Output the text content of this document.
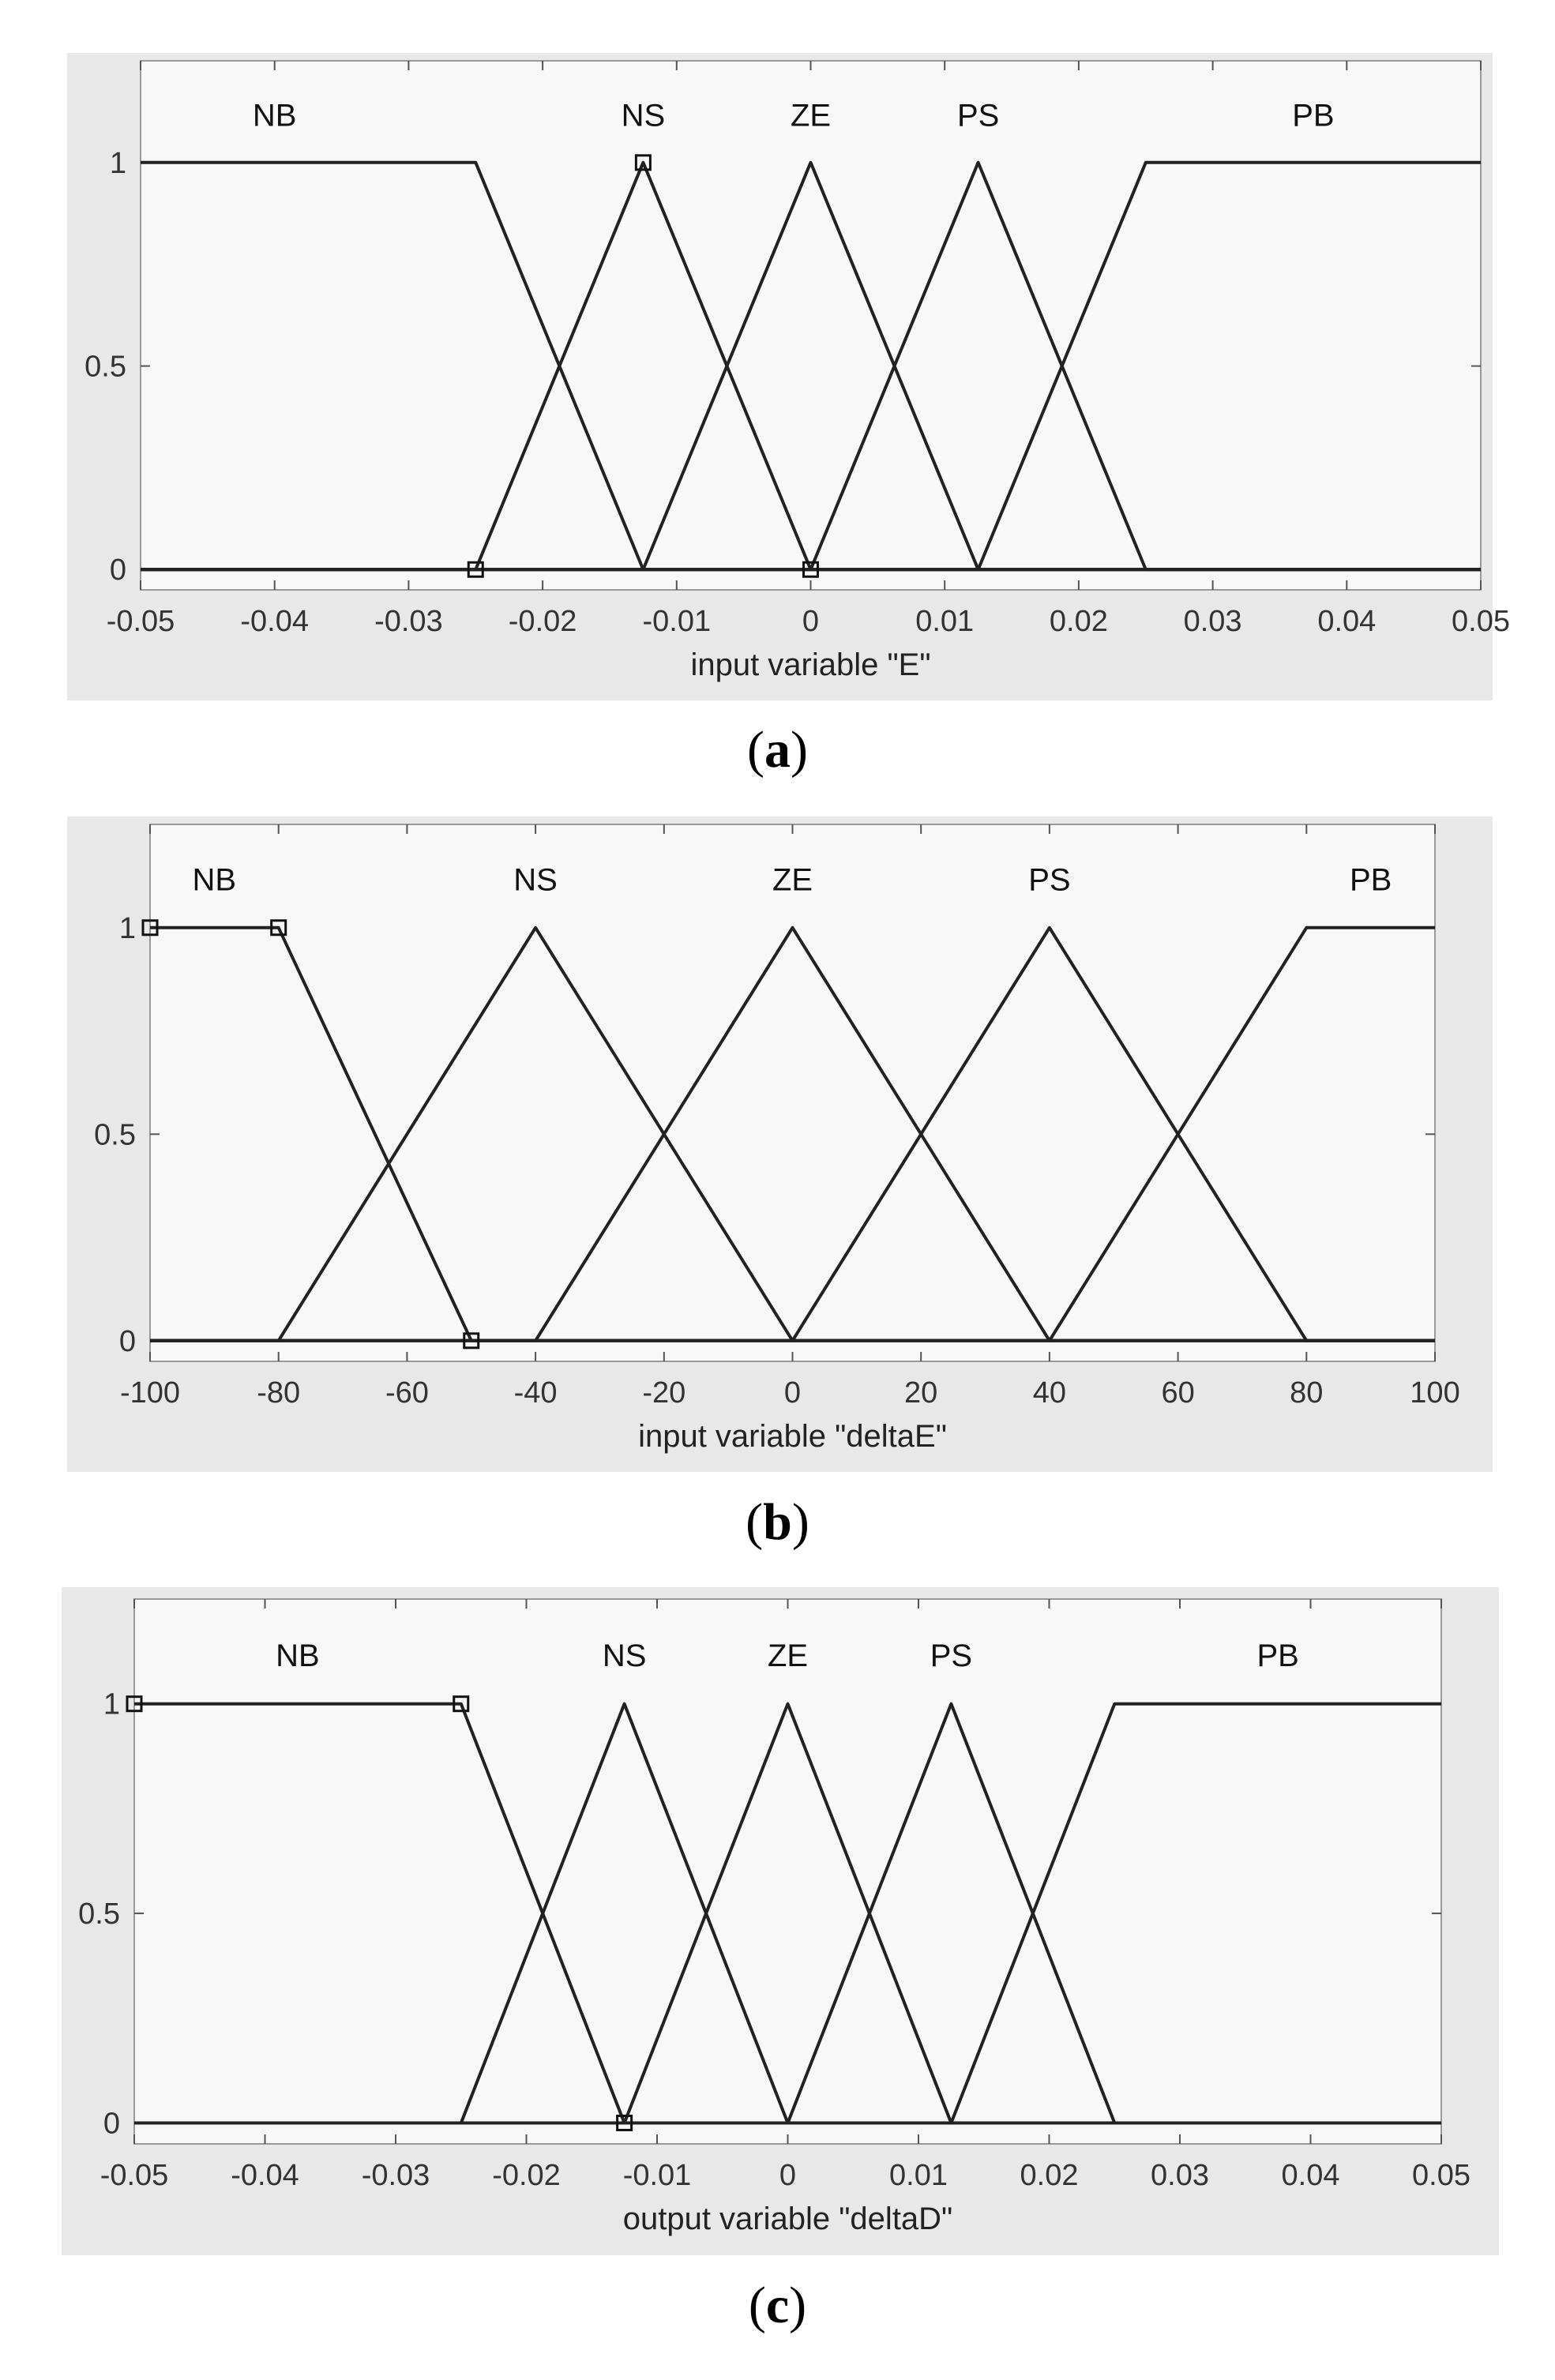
-0.05 -0.04 -0.03 -0.02 -0.01	0	0.01	0.02	0.03	0.04	0.05
0
0.5
1
input variable "E"
NB	NS	ZE	PS	PB
(a)
-100	-80	-60	-40	-20	0	20	40	60	80	100
0
0.5
1
input variable "deltaE"
NB	NS	ZE	PS	PB
(b)
-0.05 -0.04 -0.03 -0.02 -0.01	0	0.01 0.02 0.03 0.04 0.05
0
0.5
1
output variable "deltaD"
NB	NS	ZE	PS	PB
(c)
